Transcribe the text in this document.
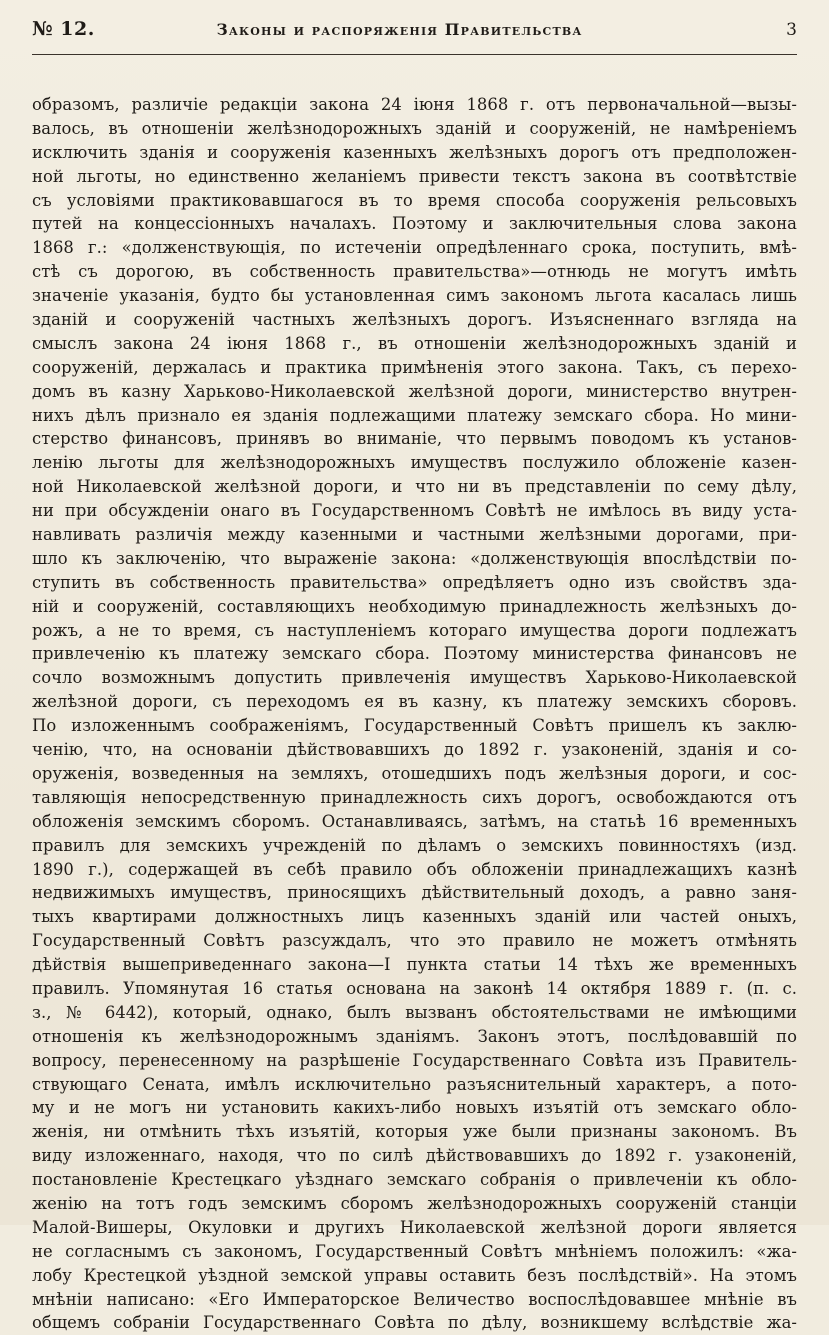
№ 12.	Законы и распоряженія Правительства	3
образомъ, различіе редакціи закона 24 іюня 1868 г. отъ первоначальной—вызы-
валось, въ отношеніи желѣзнодорожныхъ зданій и сооруженій, не намѣреніемъ
исключить зданія и сооруженія казенныхъ желѣзныхъ дорогъ отъ предположен-
ной льготы, но единственно желаніемъ привести текстъ закона въ соотвѣтствіе
съ условіями практиковавшагося въ то время способа сооруженія рельсовыхъ
путей на концессіонныхъ началахъ. Поэтому и заключительныя слова закона
1868 г.: «долженствующія, по истеченіи опредѣленнаго срока, поступить, вмѣ-
стѣ съ дорогою, въ собственность правительства»—отнюдь не могутъ имѣть
значеніе указанія, будто бы установленная симъ закономъ льгота касалась лишь
зданій и сооруженій частныхъ желѣзныхъ дорогъ. Изъясненнаго взгляда на
смыслъ закона 24 іюня 1868 г., въ отношеніи желѣзнодорожныхъ зданій и
сооруженій, держалась и практика примѣненія этого закона. Такъ, съ перехо-
домъ въ казну Харьково-Николаевской желѣзной дороги, министерство внутрен-
нихъ дѣлъ признало ея зданія подлежащими платежу земскаго сбора. Но мини-
стерство финансовъ, принявъ во вниманіе, что первымъ поводомъ къ установ-
ленію льготы для желѣзнодорожныхъ имуществъ послужило обложеніе казен-
ной Николаевской желѣзной дороги, и что ни въ представленіи по сему дѣлу,
ни при обсужденіи онаго въ Государственномъ Совѣтѣ не имѣлось въ виду уста-
навливать различія между казенными и частными желѣзными дорогами, при-
шло къ заключенію, что выраженіе закона: «долженствующія впослѣдствіи по-
ступить въ собственность правительства» опредѣляетъ одно изъ свойствъ зда-
ній и сооруженій, составляющихъ необходимую принадлежность желѣзныхъ до-
рожъ, а не то время, съ наступленіемъ котораго имущества дороги подлежатъ
привлеченію къ платежу земскаго сбора. Поэтому министерства финансовъ не
сочло возможнымъ допустить привлеченія имуществъ Харьково-Николаевской
желѣзной дороги, съ переходомъ ея въ казну, къ платежу земскихъ сборовъ.
По изложеннымъ соображеніямъ, Государственный Совѣтъ пришелъ къ заклю-
ченію, что, на основаніи дѣйствовавшихъ до 1892 г. узаконеній, зданія и со-
оруженія, возведенныя на земляхъ, отошедшихъ подъ желѣзныя дороги, и сос-
тавляющія непосредственную принадлежность сихъ дорогъ, освобождаются отъ
обложенія земскимъ сборомъ. Останавливаясь, затѣмъ, на статьѣ 16 временныхъ
правилъ для земскихъ учрежденій по дѣламъ о земскихъ повинностяхъ (изд.
1890 г.), содержащей въ себѣ правило объ обложеніи принадлежащихъ казнѣ
недвижимыхъ имуществъ, приносящихъ дѣйствительный доходъ, а равно заня-
тыхъ квартирами должностныхъ лицъ казенныхъ зданій или частей оныхъ,
Государственный Совѣтъ разсуждалъ, что это правило не можетъ отмѣнять
дѣйствія вышеприведеннаго закона—I пункта статьи 14 тѣхъ же временныхъ
правилъ. Упомянутая 16 статья основана на законѣ 14 октября 1889 г. (п. с.
з., № 6442), который, однако, былъ вызванъ обстоятельствами не имѣющими
отношенія къ желѣзнодорожнымъ зданіямъ. Законъ этотъ, послѣдовавшій по
вопросу, перенесенному на разрѣшеніе Государственнаго Совѣта изъ Правитель-
ствующаго Сената, имѣлъ исключительно разъяснительный характеръ, а пото-
му и не могъ ни установить какихъ-либо новыхъ изъятій отъ земскаго обло-
женія, ни отмѣнить тѣхъ изъятій, которыя уже были признаны закономъ. Въ
виду изложеннаго, находя, что по силѣ дѣйствовавшихъ до 1892 г. узаконеній,
постановленіе Крестецкаго уѣзднаго земскаго собранія о привлеченіи къ обло-
женію на тотъ годъ земскимъ сборомъ желѣзнодорожныхъ сооруженій станціи
Малой-Вишеры, Окуловки и другихъ Николаевской желѣзной дороги является
не согласнымъ съ закономъ, Государственный Совѣтъ мнѣніемъ положилъ: «жа-
лобу Крестецкой уѣздной земской управы оставить безъ послѣдствій». На этомъ
мнѣніи написано: «Его Императорское Величество воспослѣдовавшее мнѣніе въ
общемъ собраніи Государственнаго Совѣта по дѣлу, возникшему вслѣдствіе жа-
